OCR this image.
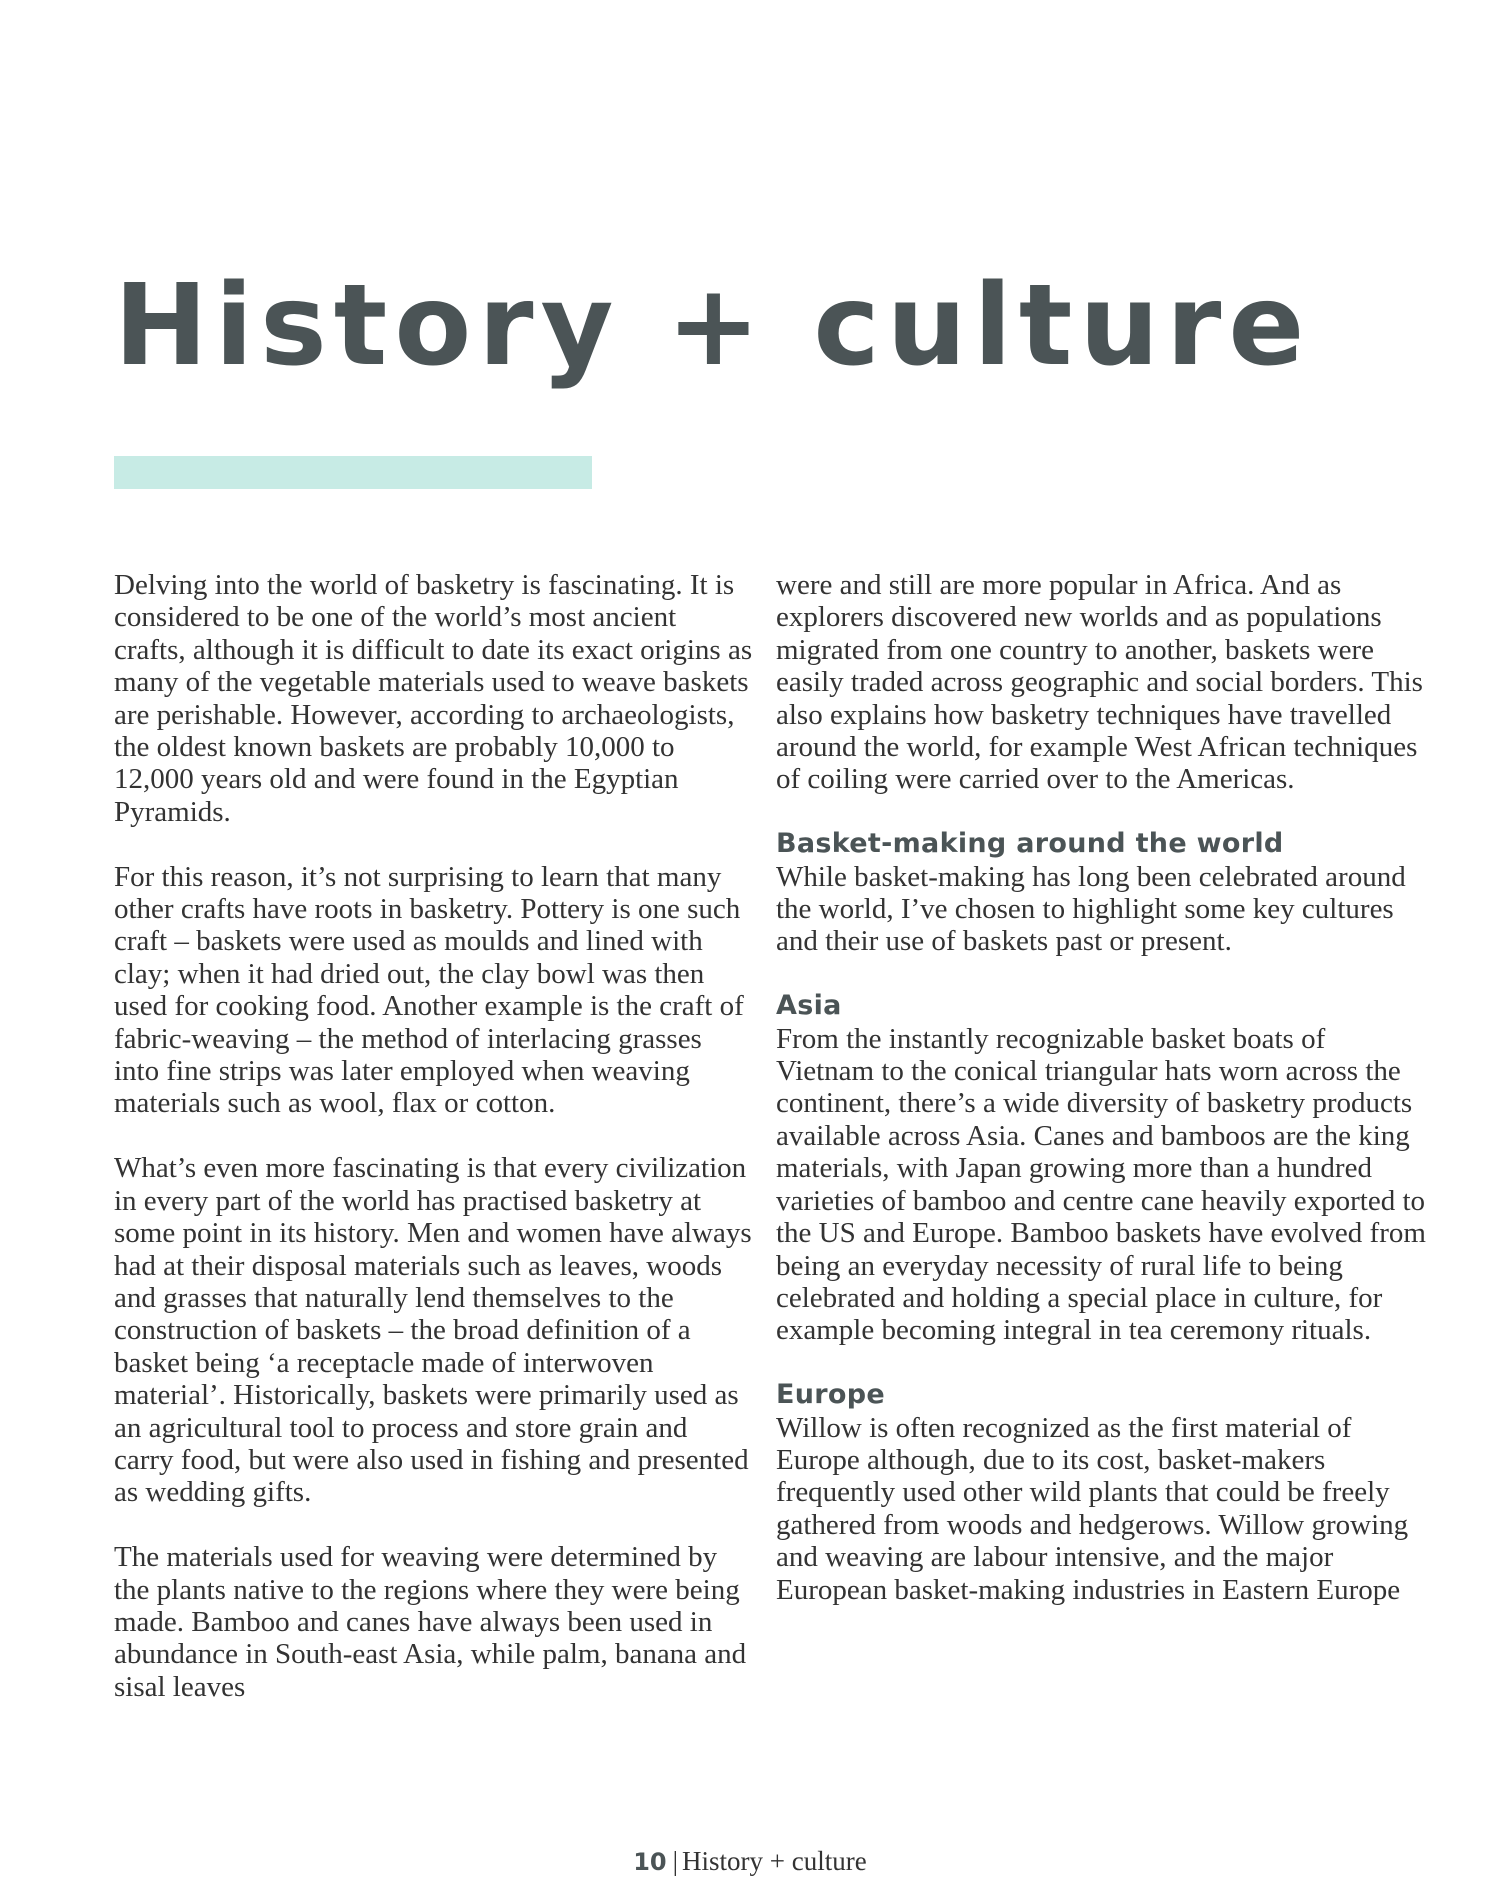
History + culture

Delving into the world of basketry is fascinating. It is considered to be one of the world’s most ancient crafts, although it is difficult to date its exact origins as many of the vegetable materials used to weave baskets are perishable. However, according to archaeologists, the oldest known baskets are probably 10,000 to 12,000 years old and were found in the Egyptian Pyramids.

For this reason, it’s not surprising to learn that many other crafts have roots in basketry. Pottery is one such craft – baskets were used as moulds and lined with clay; when it had dried out, the clay bowl was then used for cooking food. Another example is the craft of fabric-weaving – the method of interlacing grasses into fine strips was later employed when weaving materials such as wool, flax or cotton.

What’s even more fascinating is that every civilization in every part of the world has practised basketry at some point in its history. Men and women have always had at their disposal materials such as leaves, woods and grasses that naturally lend themselves to the construction of baskets – the broad definition of a basket being ‘a receptacle made of interwoven material’. Historically, baskets were primarily used as an agricultural tool to process and store grain and carry food, but were also used in fishing and presented as wedding gifts.

The materials used for weaving were determined by the plants native to the regions where they were being made. Bamboo and canes have always been used in abundance in South-east Asia, while palm, banana and sisal leaves

were and still are more popular in Africa. And as explorers discovered new worlds and as populations migrated from one country to another, baskets were easily traded across geographic and social borders. This also explains how basketry techniques have travelled around the world, for example West African techniques of coiling were carried over to the Americas.

Basket-making around the world

While basket-making has long been celebrated around the world, I’ve chosen to highlight some key cultures and their use of baskets past or present.

Asia

From the instantly recognizable basket boats of Vietnam to the conical triangular hats worn across the continent, there’s a wide diversity of basketry products available across Asia. Canes and bamboos are the king materials, with Japan growing more than a hundred varieties of bamboo and centre cane heavily exported to the US and Europe. Bamboo baskets have evolved from being an everyday necessity of rural life to being celebrated and holding a special place in culture, for example becoming integral in tea ceremony rituals.

Europe

Willow is often recognized as the first material of Europe although, due to its cost, basket-makers frequently used other wild plants that could be freely gathered from woods and hedgerows. Willow growing and weaving are labour intensive, and the major European basket-making industries in Eastern Europe

10 | History + culture
